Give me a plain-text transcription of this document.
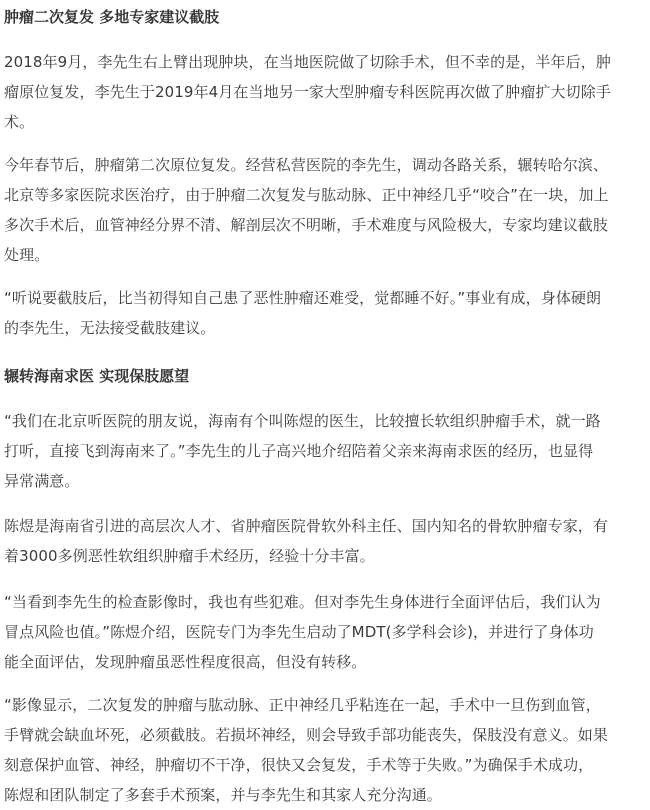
肿瘤二次复发 多地专家建议截肢

2018年9月，李先生右上臂出现肿块，在当地医院做了切除手术，但不幸的是，半年后，肿
瘤原位复发，李先生于2019年4月在当地另一家大型肿瘤专科医院再次做了肿瘤扩大切除手
术。

今年春节后，肿瘤第二次原位复发。经营私营医院的李先生，调动各路关系，辗转哈尔滨、
北京等多家医院求医治疗，由于肿瘤二次复发与肱动脉、正中神经几乎“咬合”在一块，加上
多次手术后，血管神经分界不清、解剖层次不明晰，手术难度与风险极大，专家均建议截肢
处理。

“听说要截肢后，比当初得知自己患了恶性肿瘤还难受，觉都睡不好。”事业有成，身体硬朗
的李先生，无法接受截肢建议。

辗转海南求医 实现保肢愿望

“我们在北京听医院的朋友说，海南有个叫陈煜的医生，比较擅长软组织肿瘤手术，就一路
打听，直接飞到海南来了。”李先生的儿子高兴地介绍陪着父亲来海南求医的经历，也显得
异常满意。

陈煜是海南省引进的高层次人才、省肿瘤医院骨软外科主任、国内知名的骨软肿瘤专家，有
着3000多例恶性软组织肿瘤手术经历，经验十分丰富。

“当看到李先生的检查影像时，我也有些犯难。但对李先生身体进行全面评估后，我们认为
冒点风险也值。”陈煜介绍，医院专门为李先生启动了MDT(多学科会诊)，并进行了身体功
能全面评估，发现肿瘤虽恶性程度很高，但没有转移。

“影像显示，二次复发的肿瘤与肱动脉、正中神经几乎粘连在一起，手术中一旦伤到血管，
手臂就会缺血坏死，必须截肢。若损坏神经，则会导致手部功能丧失，保肢没有意义。如果
刻意保护血管、神经，肿瘤切不干净，很快又会复发，手术等于失败。”为确保手术成功，
陈煜和团队制定了多套手术预案，并与李先生和其家人充分沟通。
